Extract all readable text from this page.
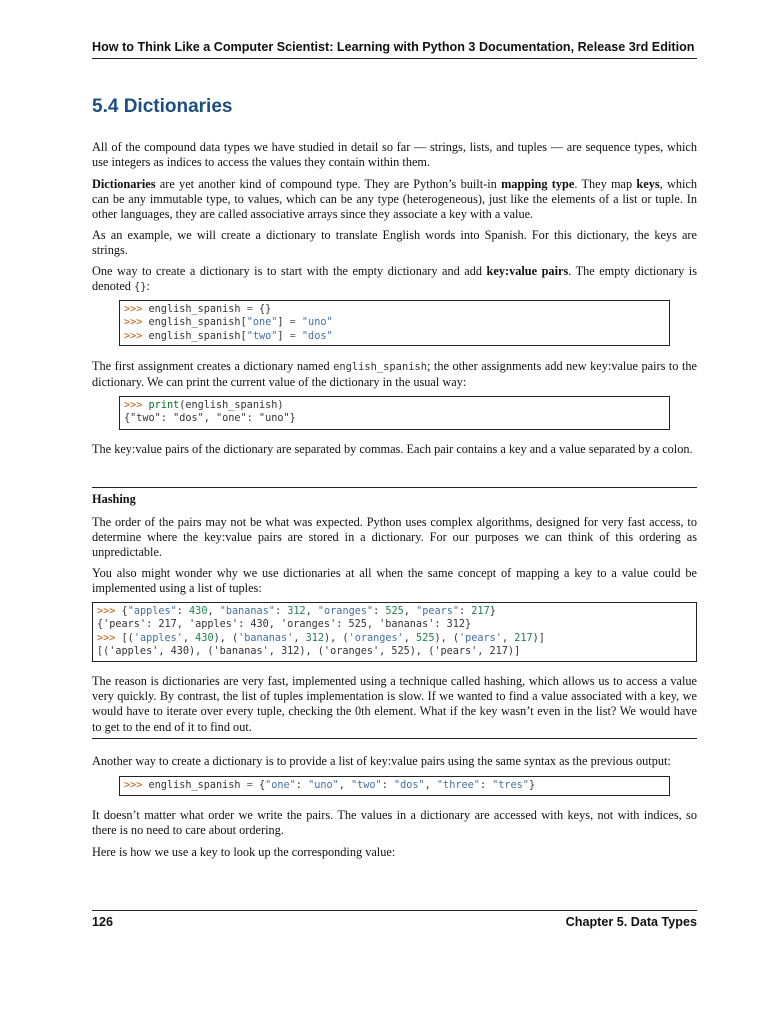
How to Think Like a Computer Scientist: Learning with Python 3 Documentation, Release 3rd Edition
5.4 Dictionaries

All of the compound data types we have studied in detail so far — strings, lists, and tuples — are sequence types, which use integers as indices to access the values they contain within them.

Dictionaries are yet another kind of compound type. They are Python’s built-in mapping type. They map keys, which can be any immutable type, to values, which can be any type (heterogeneous), just like the elements of a list or tuple. In other languages, they are called associative arrays since they associate a key with a value.

As an example, we will create a dictionary to translate English words into Spanish. For this dictionary, the keys are strings.

One way to create a dictionary is to start with the empty dictionary and add key:value pairs. The empty dictionary is denoted {}:

>>> english_spanish = {}
>>> english_spanish["one"] = "uno"
>>> english_spanish["two"] = "dos"

The first assignment creates a dictionary named english_spanish; the other assignments add new key:value pairs to the dictionary. We can print the current value of the dictionary in the usual way:

>>> print(english_spanish)
{"two": "dos", "one": "uno"}

The key:value pairs of the dictionary are separated by commas. Each pair contains a key and a value separated by a colon.

Hashing

The order of the pairs may not be what was expected. Python uses complex algorithms, designed for very fast access, to determine where the key:value pairs are stored in a dictionary. For our purposes we can think of this ordering as unpredictable.

You also might wonder why we use dictionaries at all when the same concept of mapping a key to a value could be implemented using a list of tuples:

>>> {"apples": 430, "bananas": 312, "oranges": 525, "pears": 217}
{'pears': 217, 'apples': 430, 'oranges': 525, 'bananas': 312}
>>> [('apples', 430), ('bananas', 312), ('oranges', 525), ('pears', 217)]
[('apples', 430), ('bananas', 312), ('oranges', 525), ('pears', 217)]

The reason is dictionaries are very fast, implemented using a technique called hashing, which allows us to access a value very quickly. By contrast, the list of tuples implementation is slow. If we wanted to find a value associated with a key, we would have to iterate over every tuple, checking the 0th element. What if the key wasn’t even in the list? We would have to get to the end of it to find out.

Another way to create a dictionary is to provide a list of key:value pairs using the same syntax as the previous output:

>>> english_spanish = {"one": "uno", "two": "dos", "three": "tres"}

It doesn’t matter what order we write the pairs. The values in a dictionary are accessed with keys, not with indices, so there is no need to care about ordering.

Here is how we use a key to look up the corresponding value:

126	Chapter 5. Data Types
